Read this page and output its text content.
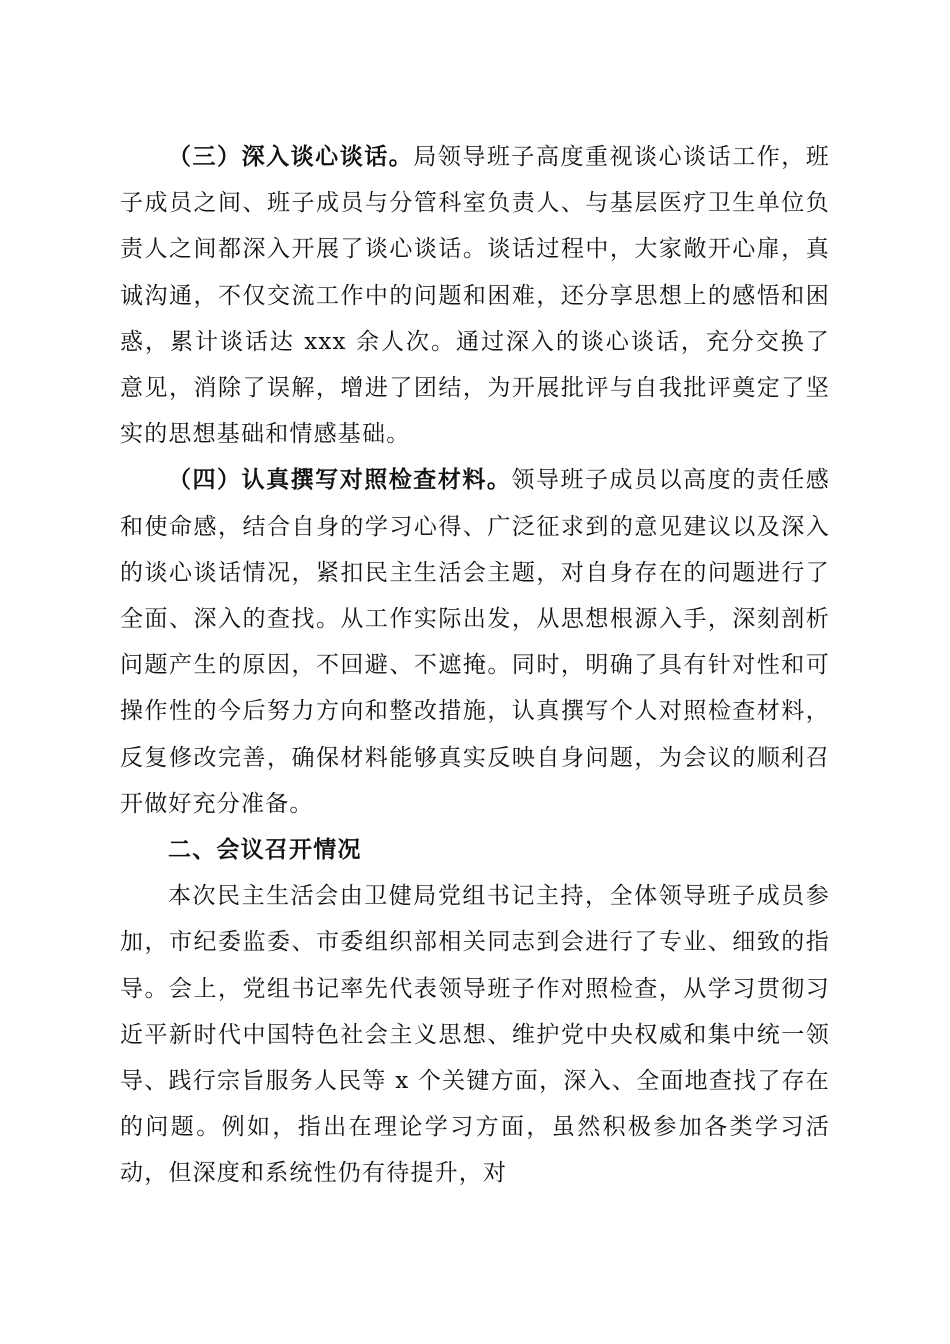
（三）深入谈心谈话。局领导班子高度重视谈心谈话工作，班子成员之间、班子成员与分管科室负责人、与基层医疗卫生单位负责人之间都深入开展了谈心谈话。谈话过程中，大家敞开心扉，真诚沟通，不仅交流工作中的问题和困难，还分享思想上的感悟和困惑，累计谈话达 xxx 余人次。通过深入的谈心谈话，充分交换了意见，消除了误解，增进了团结，为开展批评与自我批评奠定了坚实的思想基础和情感基础。

（四）认真撰写对照检查材料。领导班子成员以高度的责任感和使命感，结合自身的学习心得、广泛征求到的意见建议以及深入的谈心谈话情况，紧扣民主生活会主题，对自身存在的问题进行了全面、深入的查找。从工作实际出发，从思想根源入手，深刻剖析问题产生的原因，不回避、不遮掩。同时，明确了具有针对性和可操作性的今后努力方向和整改措施，认真撰写个人对照检查材料，反复修改完善，确保材料能够真实反映自身问题，为会议的顺利召开做好充分准备。

二、会议召开情况

本次民主生活会由卫健局党组书记主持，全体领导班子成员参加，市纪委监委、市委组织部相关同志到会进行了专业、细致的指导。会上，党组书记率先代表领导班子作对照检查，从学习贯彻习近平新时代中国特色社会主义思想、维护党中央权威和集中统一领导、践行宗旨服务人民等 x 个关键方面，深入、全面地查找了存在的问题。例如，指出在理论学习方面，虽然积极参加各类学习活动，但深度和系统性仍有待提升，对
